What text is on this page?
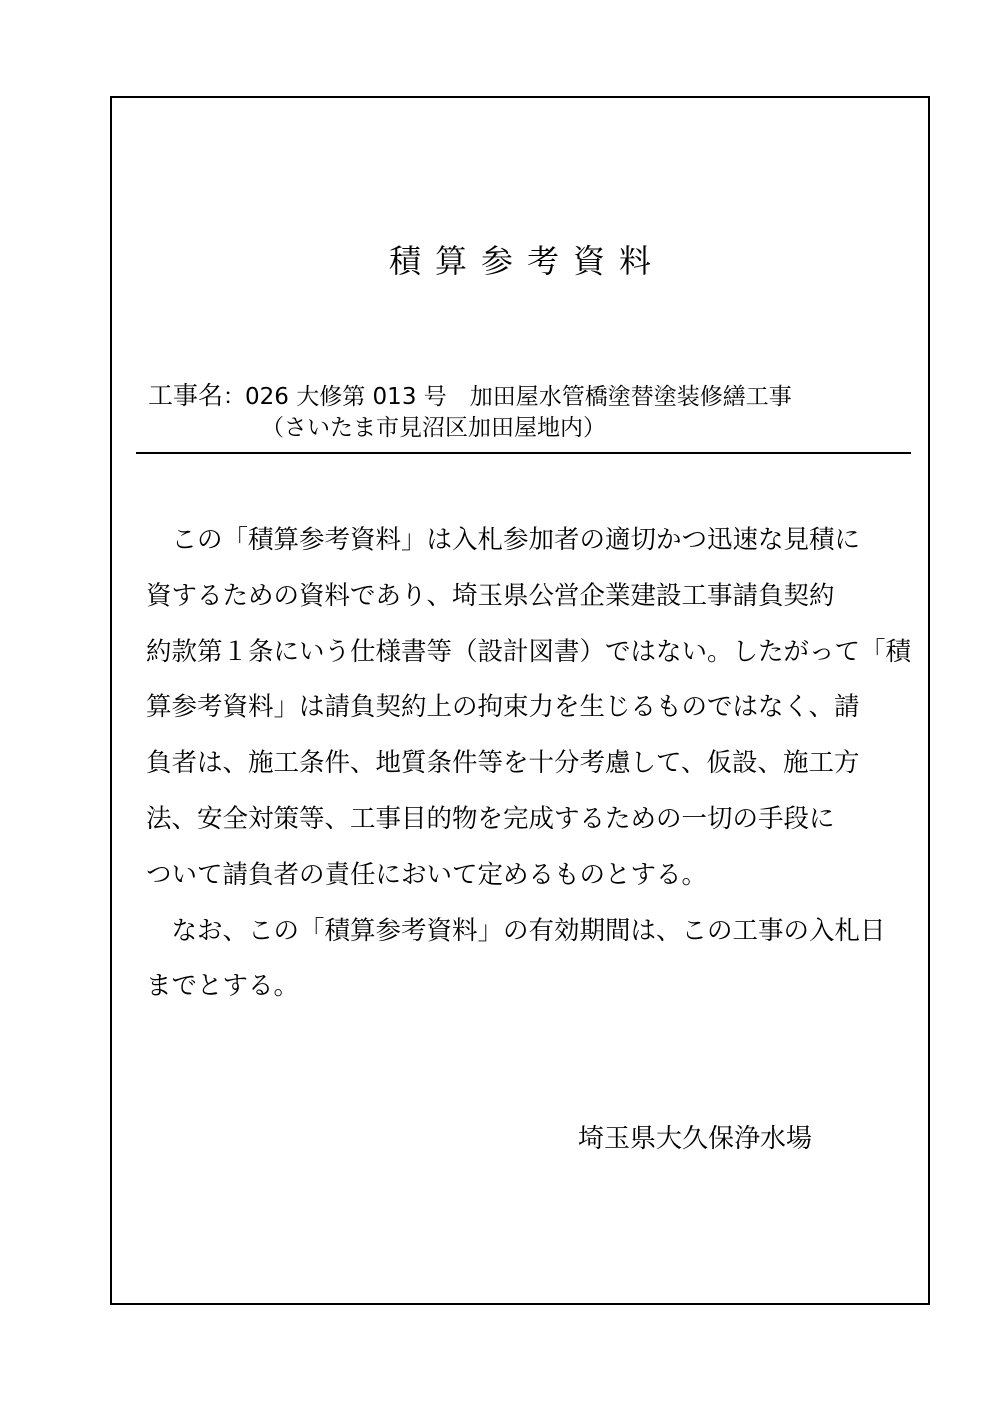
積算参考資料
工事名：026 大修第 013 号　加田屋水管橋塗替塗装修繕工事
（さいたま市見沼区加田屋地内）
　この「積算参考資料」は入札参加者の適切かつ迅速な見積に
資するための資料であり、埼玉県公営企業建設工事請負契約
約款第１条にいう仕様書等（設計図書）ではない。したがって「積
算参考資料」は請負契約上の拘束力を生じるものではなく、請
負者は、施工条件、地質条件等を十分考慮して、仮設、施工方
法、安全対策等、工事目的物を完成するための一切の手段に
ついて請負者の責任において定めるものとする。
　なお、この「積算参考資料」の有効期間は、この工事の入札日
までとする。
埼玉県大久保浄水場
